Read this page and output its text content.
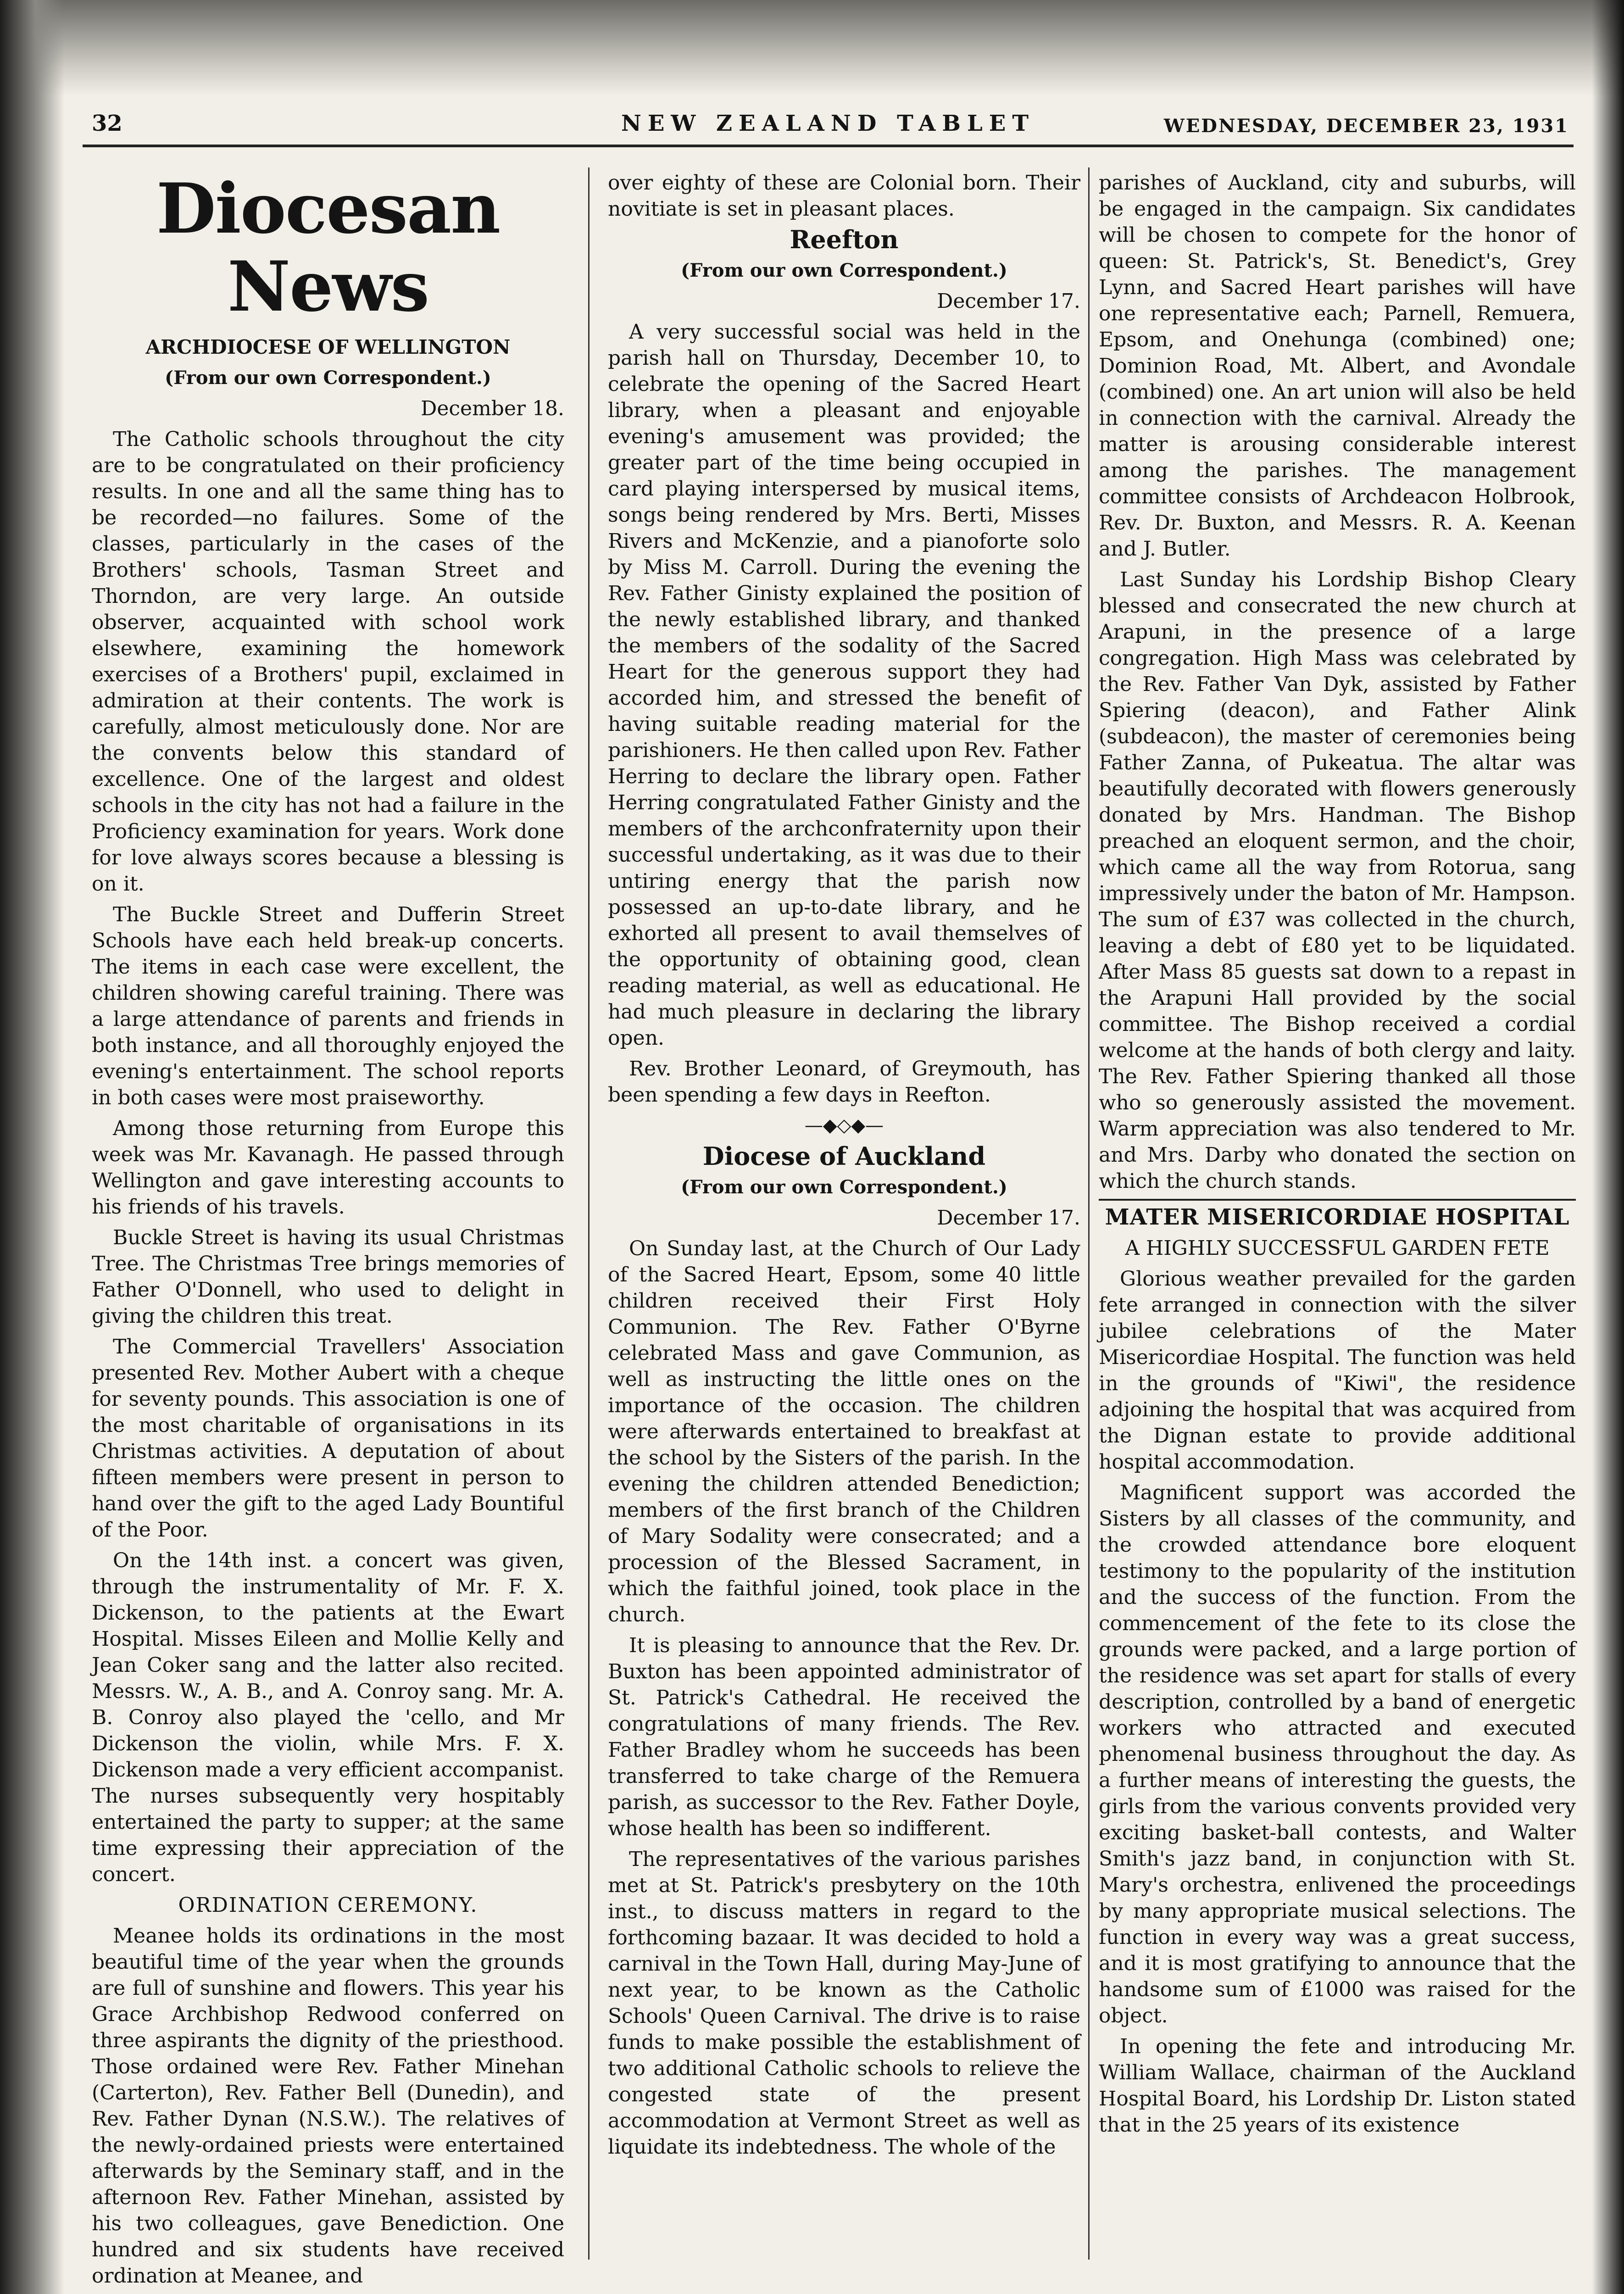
32	NEW ZEALAND TABLET	WEDNESDAY, DECEMBER 23, 1931
Diocesan News

ARCHDIOCESE OF WELLINGTON

(From our own Correspondent.)

December 18.

The Catholic schools throughout the city are to be congratulated on their proficiency results. In one and all the same thing has to be recorded—no failures. Some of the classes, particularly in the cases of the Brothers' schools, Tasman Street and Thorndon, are very large. An outside observer, acquainted with school work elsewhere, examining the homework exercises of a Brothers' pupil, exclaimed in admiration at their contents. The work is carefully, almost meticulously done. Nor are the convents below this standard of excellence. One of the largest and oldest schools in the city has not had a failure in the Proficiency examination for years. Work done for love always scores because a blessing is on it.

The Buckle Street and Dufferin Street Schools have each held break-up concerts. The items in each case were excellent, the children showing careful training. There was a large attendance of parents and friends in both instance, and all thoroughly enjoyed the evening's entertainment. The school reports in both cases were most praiseworthy.

Among those returning from Europe this week was Mr. Kavanagh. He passed through Wellington and gave interesting accounts to his friends of his travels.

Buckle Street is having its usual Christmas Tree. The Christmas Tree brings memories of Father O'Donnell, who used to delight in giving the children this treat.

The Commercial Travellers' Association presented Rev. Mother Aubert with a cheque for seventy pounds. This association is one of the most charitable of organisations in its Christmas activities. A deputation of about fifteen members were present in person to hand over the gift to the aged Lady Bountiful of the Poor.

On the 14th inst. a concert was given, through the instrumentality of Mr. F. X. Dickenson, to the patients at the Ewart Hospital. Misses Eileen and Mollie Kelly and Jean Coker sang and the latter also recited. Messrs. W., A. B., and A. Conroy sang. Mr. A. B. Conroy also played the 'cello, and Mr Dickenson the violin, while Mrs. F. X. Dickenson made a very efficient accompanist. The nurses subsequently very hospitably entertained the party to supper; at the same time expressing their appreciation of the concert.

ORDINATION CEREMONY.

Meanee holds its ordinations in the most beautiful time of the year when the grounds are full of sunshine and flowers. This year his Grace Archbishop Redwood conferred on three aspirants the dignity of the priesthood. Those ordained were Rev. Father Minehan (Carterton), Rev. Father Bell (Dunedin), and Rev. Father Dynan (N.S.W.). The relatives of the newly-ordained priests were entertained afterwards by the Seminary staff, and in the afternoon Rev. Father Minehan, assisted by his two colleagues, gave Benediction. One hundred and six students have received ordination at Meanee, and

over eighty of these are Colonial born. Their novitiate is set in pleasant places.

Reefton

(From our own Correspondent.)

December 17.

A very successful social was held in the parish hall on Thursday, December 10, to celebrate the opening of the Sacred Heart library, when a pleasant and enjoyable evening's amusement was provided; the greater part of the time being occupied in card playing interspersed by musical items, songs being rendered by Mrs. Berti, Misses Rivers and McKenzie, and a pianoforte solo by Miss M. Carroll. During the evening the Rev. Father Ginisty explained the position of the newly established library, and thanked the members of the sodality of the Sacred Heart for the generous support they had accorded him, and stressed the benefit of having suitable reading material for the parishioners. He then called upon Rev. Father Herring to declare the library open. Father Herring congratulated Father Ginisty and the members of the archconfraternity upon their successful undertaking, as it was due to their untiring energy that the parish now possessed an up-to-date library, and he exhorted all present to avail themselves of the opportunity of obtaining good, clean reading material, as well as educational. He had much pleasure in declaring the library open.

Rev. Brother Leonard, of Greymouth, has been spending a few days in Reefton.

—◆◇◆—

Diocese of Auckland

(From our own Correspondent.)

December 17.

On Sunday last, at the Church of Our Lady of the Sacred Heart, Epsom, some 40 little children received their First Holy Communion. The Rev. Father O'Byrne celebrated Mass and gave Communion, as well as instructing the little ones on the importance of the occasion. The children were afterwards entertained to breakfast at the school by the Sisters of the parish. In the evening the children attended Benediction; members of the first branch of the Children of Mary Sodality were consecrated; and a procession of the Blessed Sacrament, in which the faithful joined, took place in the church.

It is pleasing to announce that the Rev. Dr. Buxton has been appointed administrator of St. Patrick's Cathedral. He received the congratulations of many friends. The Rev. Father Bradley whom he succeeds has been transferred to take charge of the Remuera parish, as successor to the Rev. Father Doyle, whose health has been so indifferent.

The representatives of the various parishes met at St. Patrick's presbytery on the 10th inst., to discuss matters in regard to the forthcoming bazaar. It was decided to hold a carnival in the Town Hall, during May-June of next year, to be known as the Catholic Schools' Queen Carnival. The drive is to raise funds to make possible the establishment of two additional Catholic schools to relieve the congested state of the present accommodation at Vermont Street as well as liquidate its indebtedness. The whole of the

parishes of Auckland, city and suburbs, will be engaged in the campaign. Six candidates will be chosen to compete for the honor of queen: St. Patrick's, St. Benedict's, Grey Lynn, and Sacred Heart parishes will have one representative each; Parnell, Remuera, Epsom, and Onehunga (combined) one; Dominion Road, Mt. Albert, and Avondale (combined) one. An art union will also be held in connection with the carnival. Already the matter is arousing considerable interest among the parishes. The management committee consists of Archdeacon Holbrook, Rev. Dr. Buxton, and Messrs. R. A. Keenan and J. Butler.

Last Sunday his Lordship Bishop Cleary blessed and consecrated the new church at Arapuni, in the presence of a large congregation. High Mass was celebrated by the Rev. Father Van Dyk, assisted by Father Spiering (deacon), and Father Alink (subdeacon), the master of ceremonies being Father Zanna, of Pukeatua. The altar was beautifully decorated with flowers generously donated by Mrs. Handman. The Bishop preached an eloquent sermon, and the choir, which came all the way from Rotorua, sang impressively under the baton of Mr. Hampson. The sum of £37 was collected in the church, leaving a debt of £80 yet to be liquidated. After Mass 85 guests sat down to a repast in the Arapuni Hall provided by the social committee. The Bishop received a cordial welcome at the hands of both clergy and laity. The Rev. Father Spiering thanked all those who so generously assisted the movement. Warm appreciation was also tendered to Mr. and Mrs. Darby who donated the section on which the church stands.

MATER MISERICORDIAE HOSPITAL

A HIGHLY SUCCESSFUL GARDEN FETE

Glorious weather prevailed for the garden fete arranged in connection with the silver jubilee celebrations of the Mater Misericordiae Hospital. The function was held in the grounds of "Kiwi", the residence adjoining the hospital that was acquired from the Dignan estate to provide additional hospital accommodation.

Magnificent support was accorded the Sisters by all classes of the community, and the crowded attendance bore eloquent testimony to the popularity of the institution and the success of the function. From the commencement of the fete to its close the grounds were packed, and a large portion of the residence was set apart for stalls of every description, controlled by a band of energetic workers who attracted and executed phenomenal business throughout the day. As a further means of interesting the guests, the girls from the various convents provided very exciting basket-ball contests, and Walter Smith's jazz band, in conjunction with St. Mary's orchestra, enlivened the proceedings by many appropriate musical selections. The function in every way was a great success, and it is most gratifying to announce that the handsome sum of £1000 was raised for the object.

In opening the fete and introducing Mr. William Wallace, chairman of the Auckland Hospital Board, his Lordship Dr. Liston stated that in the 25 years of its existence
